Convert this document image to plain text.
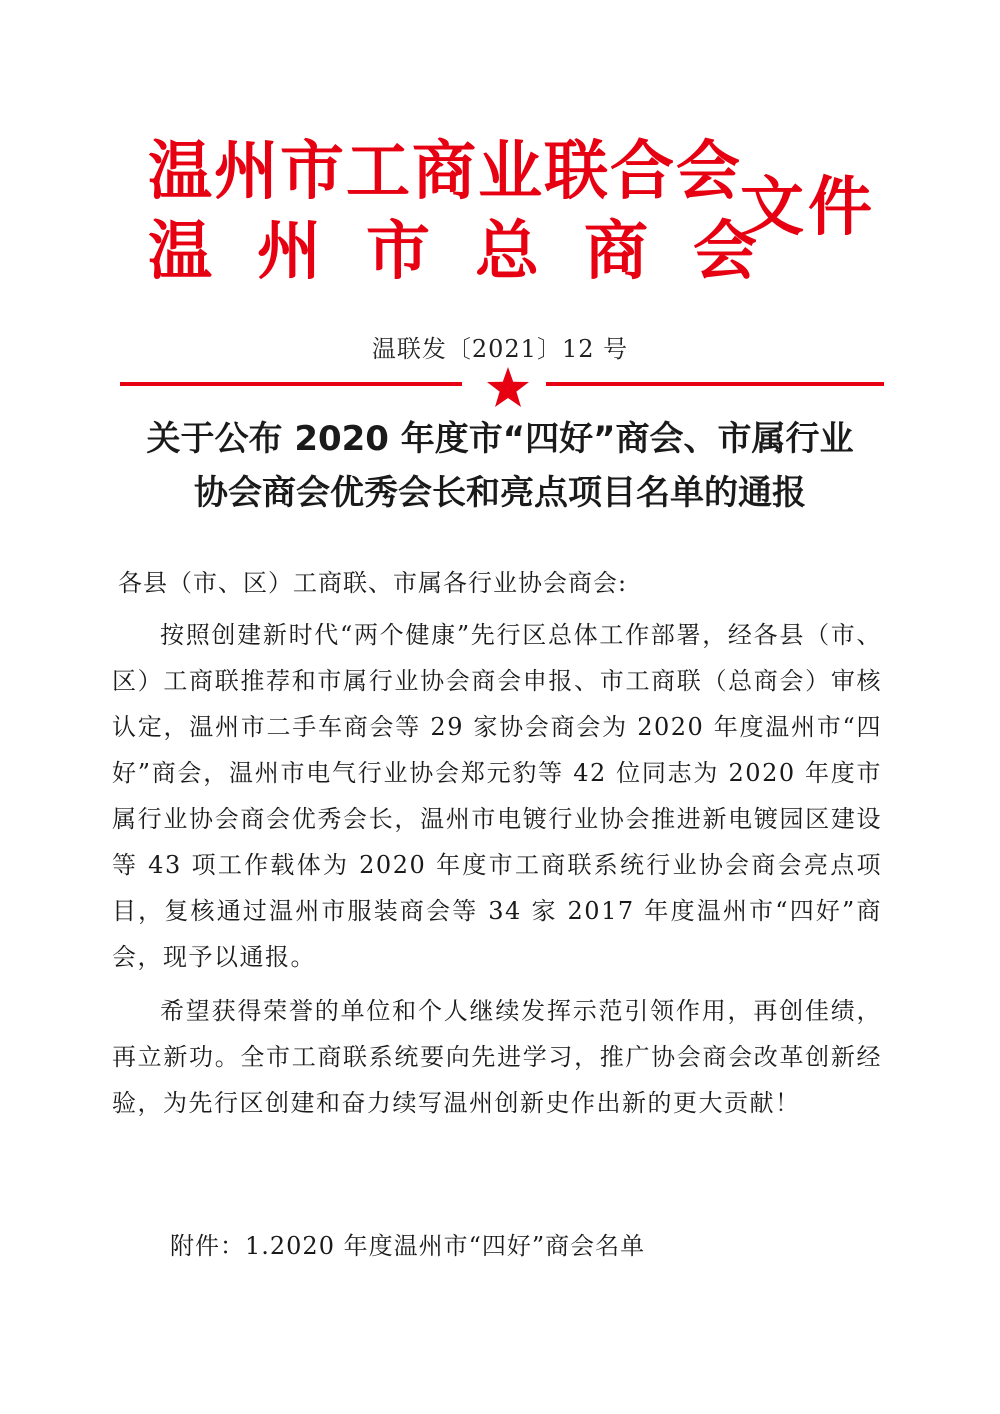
温州市工商业联合会
温州市总商会
文件
温联发〔2021〕12 号
关于公布 2020 年度市“四好”商会、市属行业
协会商会优秀会长和亮点项目名单的通报
各县（市、区）工商联、市属各行业协会商会:
按照创建新时代“两个健康”先行区总体工作部署，经各县（市、区）工商联推荐和市属行业协会商会申报、市工商联（总商会）审核认定，温州市二手车商会等 29 家协会商会为 2020 年度温州市“四好”商会，温州市电气行业协会郑元豹等 42 位同志为 2020 年度市属行业协会商会优秀会长，温州市电镀行业协会推进新电镀园区建设等 43 项工作载体为 2020 年度市工商联系统行业协会商会亮点项目，复核通过温州市服装商会等 34 家 2017 年度温州市“四好”商会，现予以通报。
希望获得荣誉的单位和个人继续发挥示范引领作用，再创佳绩，再立新功。全市工商联系统要向先进学习，推广协会商会改革创新经验，为先行区创建和奋力续写温州创新史作出新的更大贡献！
附件：1.2020 年度温州市“四好”商会名单
